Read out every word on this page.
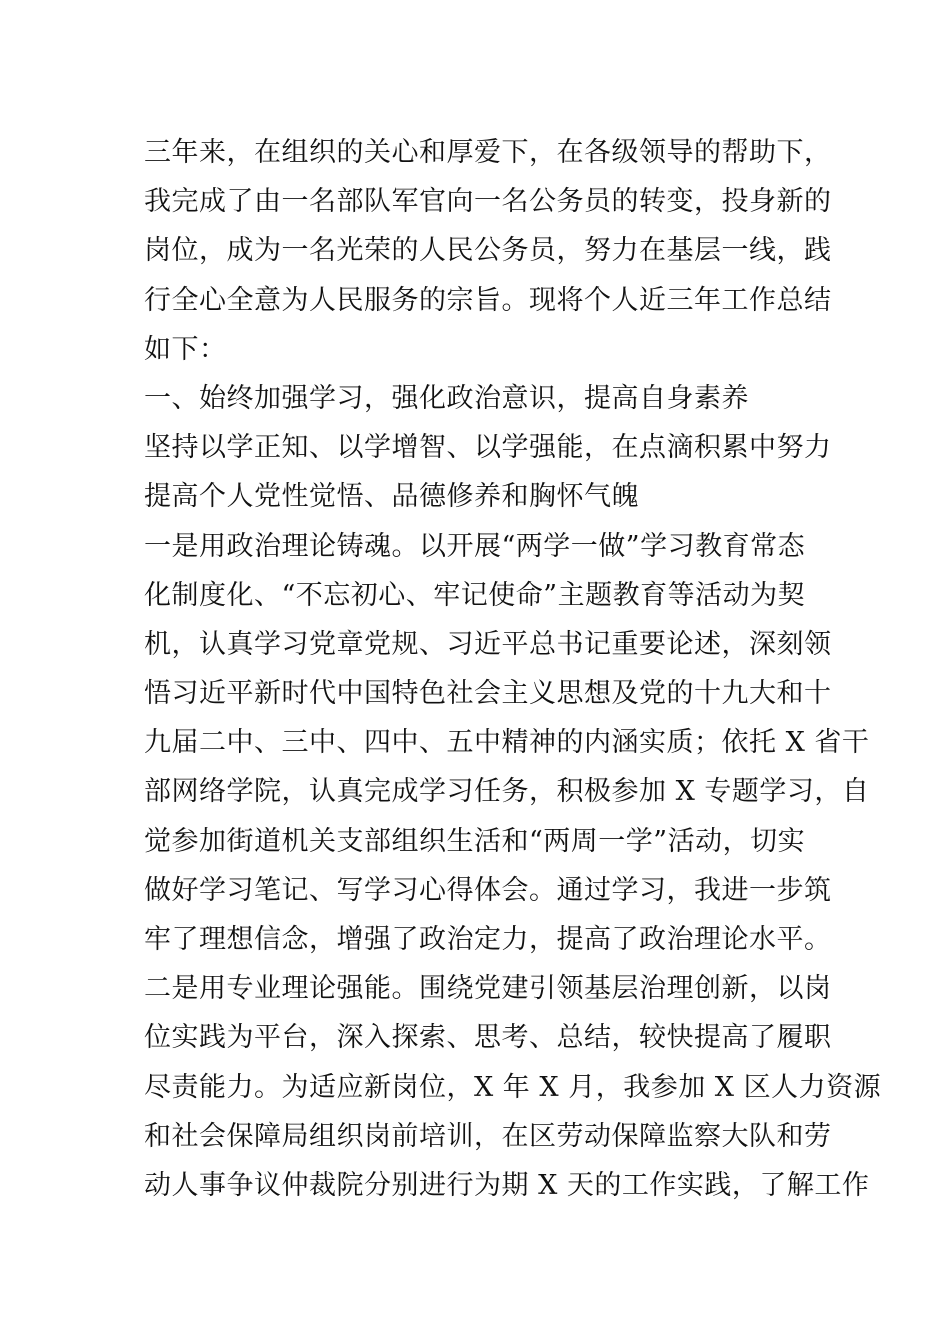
三年来，在组织的关心和厚爱下，在各级领导的帮助下，
我完成了由一名部队军官向一名公务员的转变，投身新的
岗位，成为一名光荣的人民公务员，努力在基层一线，践
行全心全意为人民服务的宗旨。现将个人近三年工作总结
如下：
一、始终加强学习，强化政治意识，提高自身素养
坚持以学正知、以学增智、以学强能，在点滴积累中努力
提高个人党性觉悟、品德修养和胸怀气魄
一是用政治理论铸魂。以开展“两学一做”学习教育常态
化制度化、“不忘初心、牢记使命”主题教育等活动为契
机，认真学习党章党规、习近平总书记重要论述，深刻领
悟习近平新时代中国特色社会主义思想及党的十九大和十
九届二中、三中、四中、五中精神的内涵实质；依托 X 省干
部网络学院，认真完成学习任务，积极参加 X 专题学习，自
觉参加街道机关支部组织生活和“两周一学”活动，切实
做好学习笔记、写学习心得体会。通过学习，我进一步筑
牢了理想信念，增强了政治定力，提高了政治理论水平。
二是用专业理论强能。围绕党建引领基层治理创新，以岗
位实践为平台，深入探索、思考、总结，较快提高了履职
尽责能力。为适应新岗位，X 年 X 月，我参加 X 区人力资源
和社会保障局组织岗前培训，在区劳动保障监察大队和劳
动人事争议仲裁院分别进行为期 X 天的工作实践，了解工作
